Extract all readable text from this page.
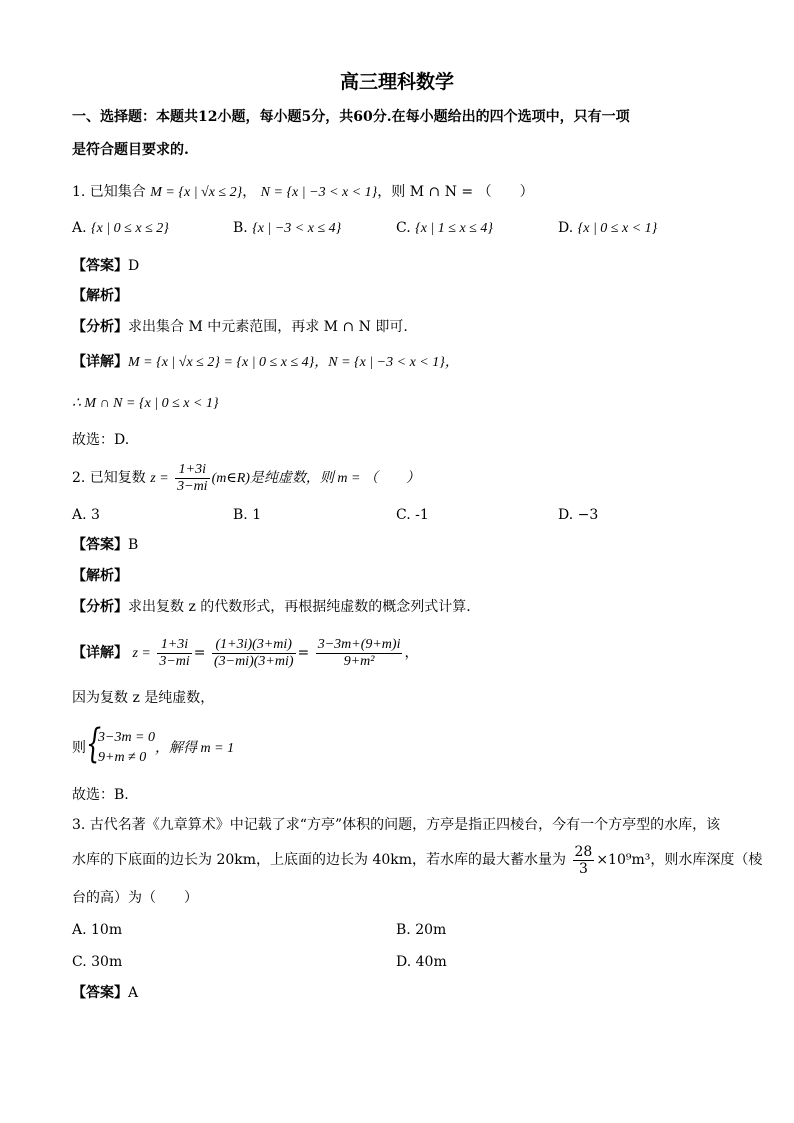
高三理科数学
一、选择题：本题共12小题，每小题5分，共60分.在每小题给出的四个选项中，只有一项
是符合题目要求的.
1. 已知集合 M = {x | √x ≤ 2}， N = {x | −3 < x < 1}，则 M ∩ N = （　　）
A. {x | 0 ≤ x ≤ 2}	B. {x | −3 < x ≤ 4}	C. {x | 1 ≤ x ≤ 4}	D. {x | 0 ≤ x < 1}
【答案】D
【解析】
【分析】求出集合 M 中元素范围，再求 M ∩ N 即可.
【详解】M = {x | √x ≤ 2} = {x | 0 ≤ x ≤ 4}，N = {x | −3 < x < 1}，
∴ M ∩ N = {x | 0 ≤ x < 1}
故选：D.
2. 已知复数 $z = \frac{1+3i}{3-mi}$ (m∈R)是纯虚数，则 m = （　　）
A. 3	B. 1	C. -1	D. −3
【答案】B
【解析】
【分析】求出复数 z 的代数形式，再根据纯虚数的概念列式计算.
【详解】 $z = \frac{1+3i}{3-mi} = \frac{(1+3i)(3+mi)}{(3-mi)(3+mi)} = \frac{3-3m+(9+m)i}{\text{9+m²}}$ ，
因为复数 z 是纯虚数，
则
{ 3−3m = 0
9+m ≠ 0
，解得 m = 1
故选：B.
3. 古代名著《九章算术》中记载了求“方亭”体积的问题，方亭是指正四棱台，今有一个方亭型的水库，该
水库的下底面的边长为 20km，上底面的边长为 40km，若水库的最大蓄水量为 $\frac{28}{3} \times 10^9m^3$，则水库深度（棱
台的高）为（　　）
A. 10m	B. 20m
C. 30m	D. 40m
【答案】A
